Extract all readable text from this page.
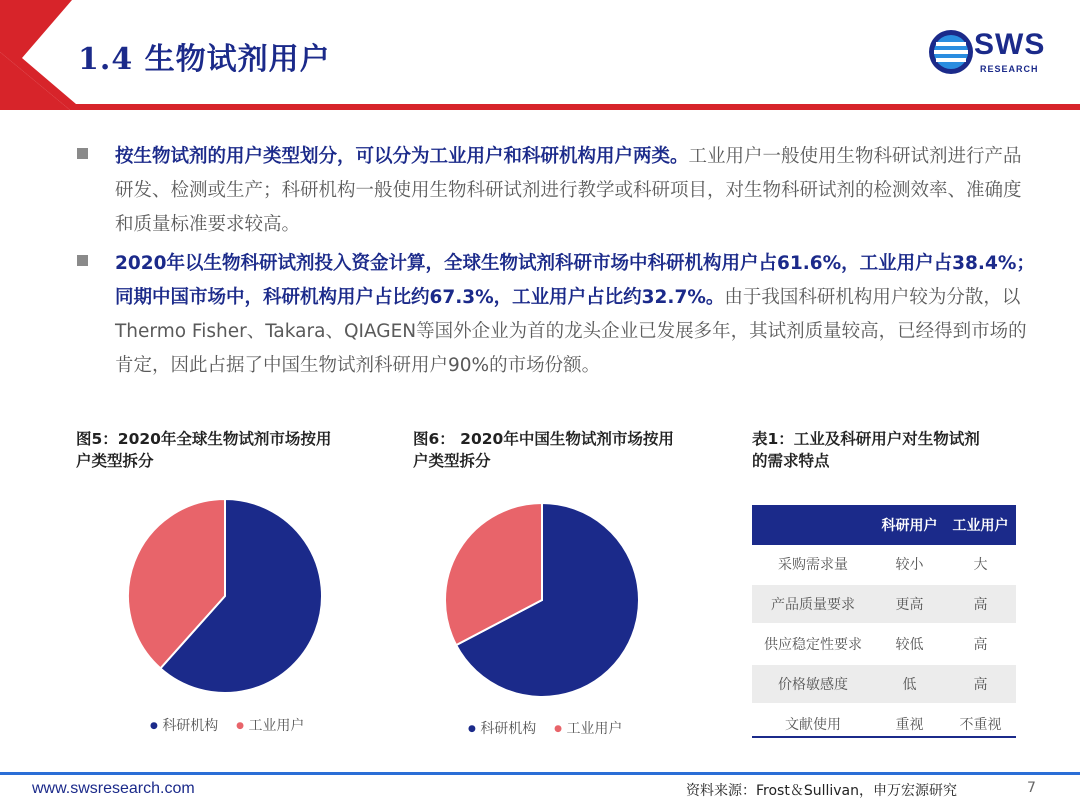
1.4 生物试剂用户	SWS
RESEARCH
按生物试剂的用户类型划分，可以分为工业用户和科研机构用户两类。工业用户一般使用生物科研试剂进行产品研发、检测或生产；科研机构一般使用生物科研试剂进行教学或科研项目，对生物科研试剂的检测效率、准确度和质量标准要求较高。
2020年以生物科研试剂投入资金计算，全球生物试剂科研市场中科研机构用户占61.6%，工业用户占38.4%；同期中国市场中，科研机构用户占比约67.3%，工业用户占比约32.7%。由于我国科研机构用户较为分散，以Thermo Fisher、Takara、QIAGEN等国外企业为首的龙头企业已发展多年，其试剂质量较高，已经得到市场的肯定，因此占据了中国生物试剂科研用户90%的市场份额。
图5：2020年全球生物试剂市场按用
户类型拆分
图6： 2020年中国生物试剂市场按用
户类型拆分
表1：工业及科研用户对生物试剂
的需求特点
● 科研机构 ● 工业用户	● 科研机构 ● 工业用户
	科研用户	工业用户
采购需求量	较小	大
产品质量要求	更高	高
供应稳定性要求	较低	高
价格敏感度	低	高
文献使用	重视	不重视
www.swsresearch.com	资料来源：Frost＆Sullivan，申万宏源研究	7
